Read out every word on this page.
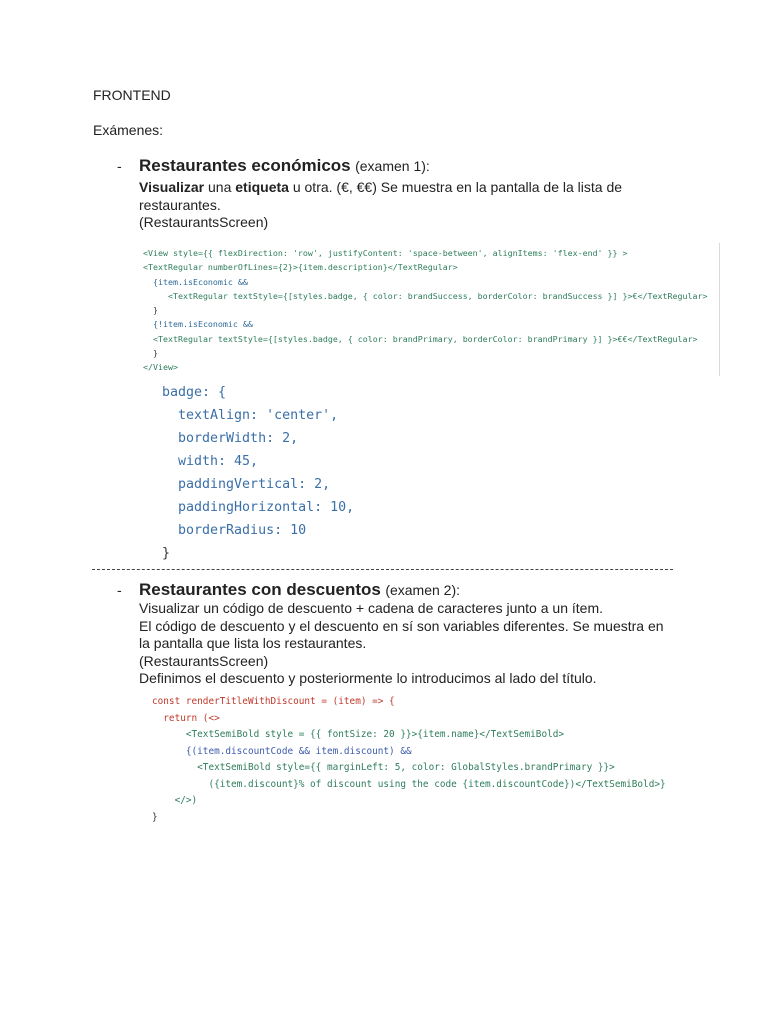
FRONTEND
Exámenes:
- Restaurantes económicos (examen 1):

Visualizar una etiqueta u otra. (€, €€) Se muestra en la pantalla de la lista de

restaurantes.

(RestaurantsScreen)

<View style={{ flexDirection: 'row', justifyContent: 'space-between', alignItems: 'flex-end' }} >
<TextRegular numberOfLines={2}>{item.description}</TextRegular>
{item.isEconomic &&
<TextRegular textStyle={[styles.badge, { color: brandSuccess, borderColor: brandSuccess }] }>€</TextRegular>
}
{!item.isEconomic &&
<TextRegular textStyle={[styles.badge, { color: brandPrimary, borderColor: brandPrimary }] }>€€</TextRegular>
}
</View>
badge: {
textAlign: 'center',
borderWidth: 2,
width: 45,
paddingVertical: 2,
paddingHorizontal: 10,
borderRadius: 10
}
- Restaurantes con descuentos (examen 2):

Visualizar un código de descuento + cadena de caracteres junto a un ítem.

El código de descuento y el descuento en sí son variables diferentes. Se muestra en

la pantalla que lista los restaurantes.

(RestaurantsScreen)

Definimos el descuento y posteriormente lo introducimos al lado del título.

const renderTitleWithDiscount = (item) => {
return (<>
<TextSemiBold style = {{ fontSize: 20 }}>{item.name}</TextSemiBold>
{(item.discountCode && item.discount) &&
<TextSemiBold style={{ marginLeft: 5, color: GlobalStyles.brandPrimary }}>
({item.discount}% of discount using the code {item.discountCode})</TextSemiBold>}
</>)
}
